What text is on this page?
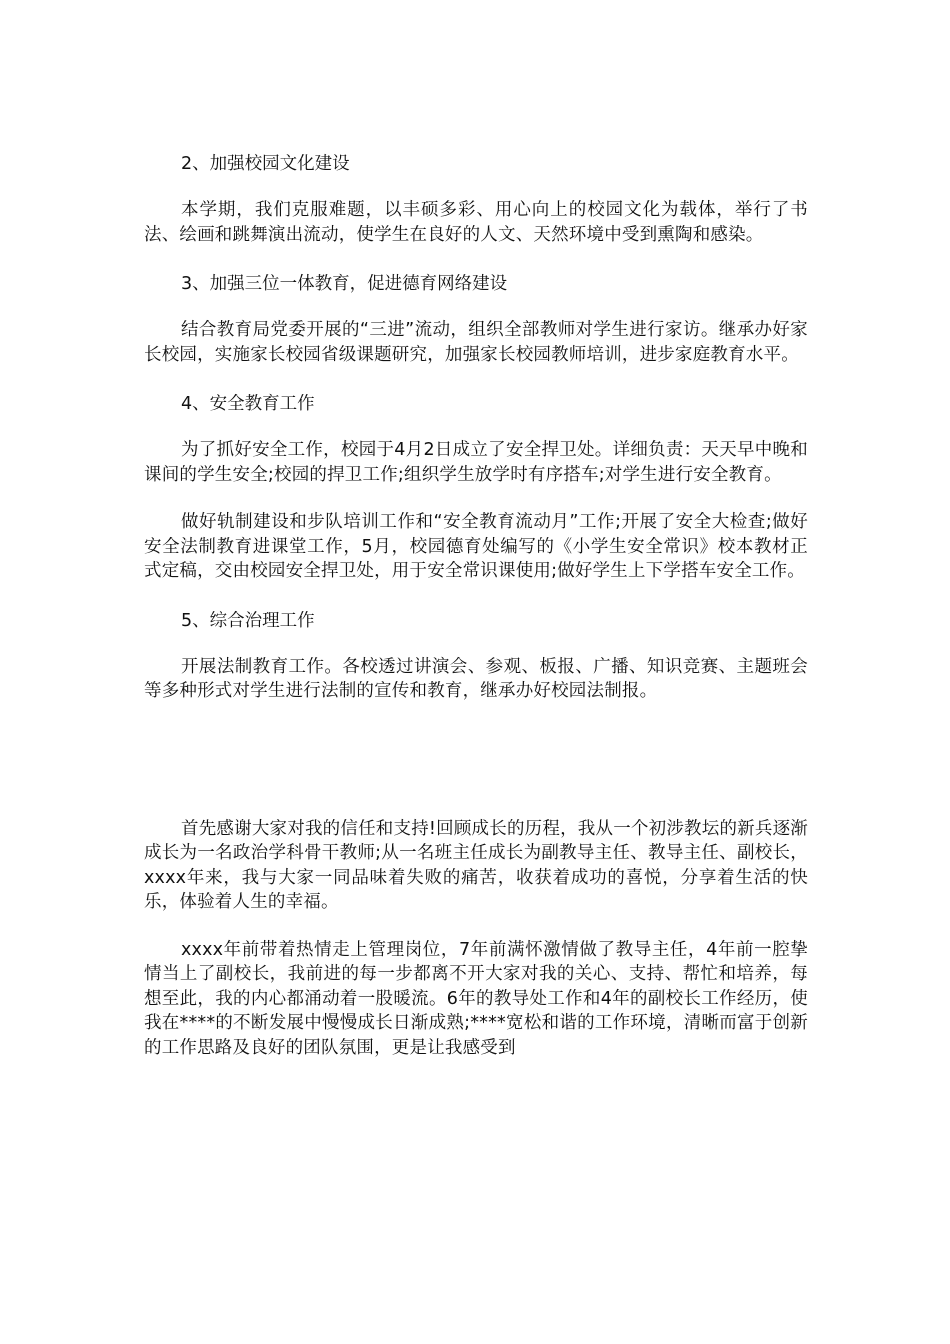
2、加强校园文化建设

本学期，我们克服难题，以丰硕多彩、用心向上的校园文化为载体，举行了书法、绘画和跳舞演出流动，使学生在良好的人文、天然环境中受到熏陶和感染。

3、加强三位一体教育，促进德育网络建设

结合教育局党委开展的“三进”流动，组织全部教师对学生进行家访。继承办好家长校园，实施家长校园省级课题研究，加强家长校园教师培训，进步家庭教育水平。

4、安全教育工作

为了抓好安全工作，校园于4月2日成立了安全捍卫处。详细负责：天天早中晚和课间的学生安全;校园的捍卫工作;组织学生放学时有序搭车;对学生进行安全教育。

做好轨制建设和步队培训工作和“安全教育流动月”工作;开展了安全大检查;做好安全法制教育进课堂工作，5月，校园德育处编写的《小学生安全常识》校本教材正式定稿，交由校园安全捍卫处，用于安全常识课使用;做好学生上下学搭车安全工作。

5、综合治理工作

开展法制教育工作。各校透过讲演会、参观、板报、广播、知识竞赛、主题班会等多种形式对学生进行法制的宣传和教育，继承办好校园法制报。

首先感谢大家对我的信任和支持!回顾成长的历程，我从一个初涉教坛的新兵逐渐成长为一名政治学科骨干教师;从一名班主任成长为副教导主任、教导主任、副校长，xxxx年来，我与大家一同品味着失败的痛苦，收获着成功的喜悦，分享着生活的快乐，体验着人生的幸福。

xxxx年前带着热情走上管理岗位，7年前满怀激情做了教导主任，4年前一腔挚情当上了副校长，我前进的每一步都离不开大家对我的关心、支持、帮忙和培养，每想至此，我的内心都涌动着一股暖流。6年的教导处工作和4年的副校长工作经历，使我在****的不断发展中慢慢成长日渐成熟;****宽松和谐的工作环境，清晰而富于创新的工作思路及良好的团队氛围，更是让我感受到
